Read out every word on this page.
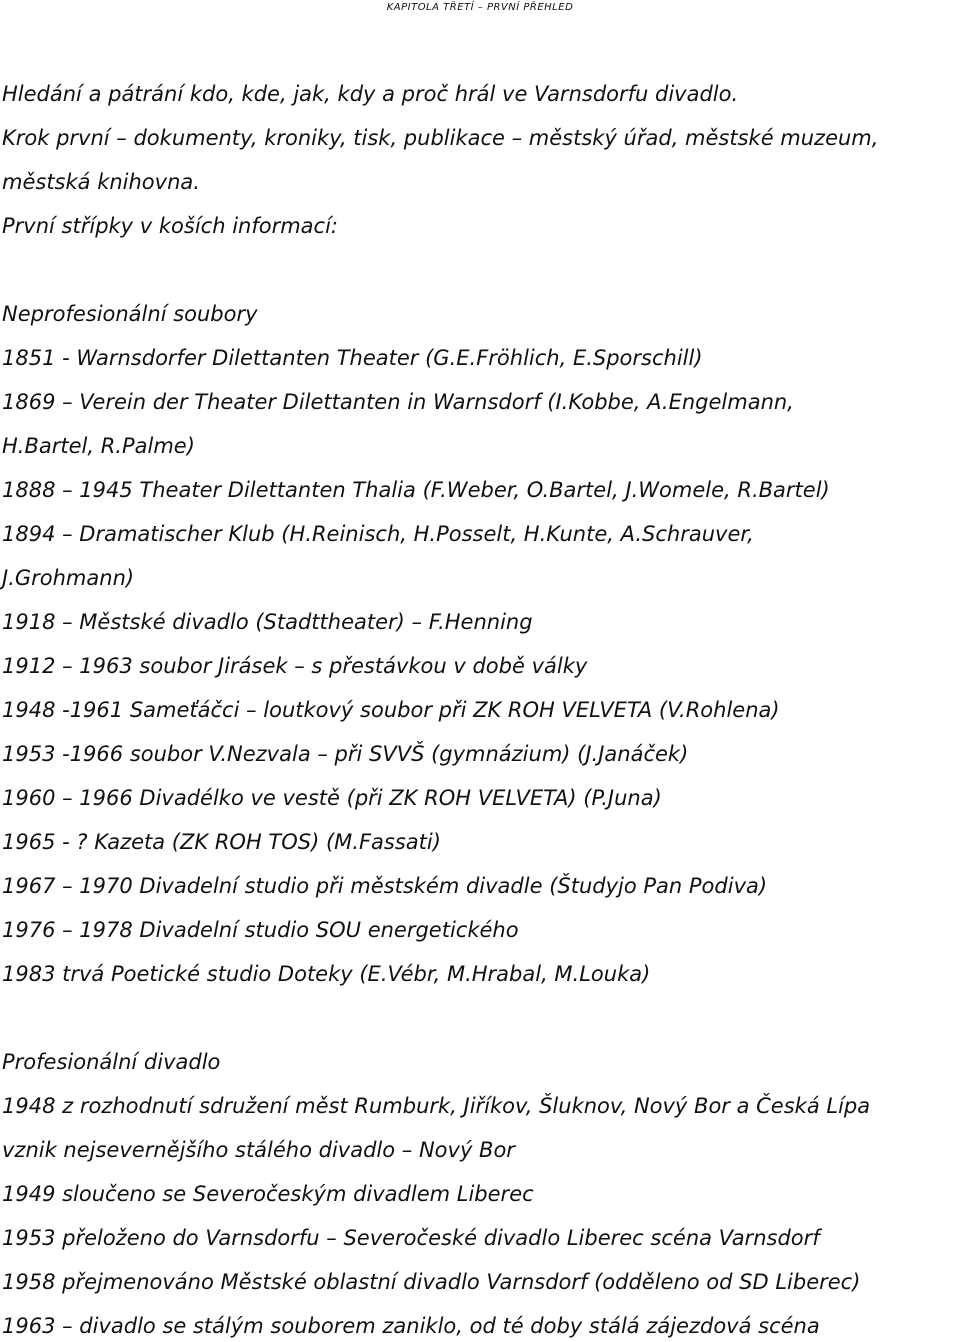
KAPITOLA TŘETÍ – PRVNÍ PŘEHLED

Hledání a pátrání kdo, kde, jak, kdy a proč hrál ve Varnsdorfu divadlo.

Krok první – dokumenty, kroniky, tisk, publikace – městský úřad, městské muzeum,

městská knihovna.

První střípky v koších informací:

Neprofesionální soubory

1851 - Warnsdorfer Dilettanten Theater (G.E.Fröhlich, E.Sporschill)

1869 – Verein der Theater Dilettanten in Warnsdorf (I.Kobbe, A.Engelmann,

H.Bartel, R.Palme)

1888 – 1945 Theater Dilettanten Thalia (F.Weber, O.Bartel, J.Womele, R.Bartel)

1894 – Dramatischer Klub (H.Reinisch, H.Posselt, H.Kunte, A.Schrauver,

J.Grohmann)

1918 – Městské divadlo (Stadttheater) – F.Henning

1912 – 1963 soubor Jirásek – s přestávkou v době války

1948 -1961 Sameťáčci – loutkový soubor při ZK ROH VELVETA (V.Rohlena)

1953 -1966 soubor V.Nezvala – při SVVŠ (gymnázium) (J.Janáček)

1960 – 1966 Divadélko ve vestě (při ZK ROH VELVETA) (P.Juna)

1965 - ? Kazeta (ZK ROH TOS) (M.Fassati)

1967 – 1970 Divadelní studio při městském divadle (Študyjo Pan Podiva)

1976 – 1978 Divadelní studio SOU energetického

1983 trvá Poetické studio Doteky (E.Vébr, M.Hrabal, M.Louka)

Profesionální divadlo

1948 z rozhodnutí sdružení měst Rumburk, Jiříkov, Šluknov, Nový Bor a Česká Lípa

vznik nejsevernějšího stálého divadlo – Nový Bor

1949 sloučeno se Severočeským divadlem Liberec

1953 přeloženo do Varnsdorfu – Severočeské divadlo Liberec scéna Varnsdorf

1958 přejmenováno Městské oblastní divadlo Varnsdorf (odděleno od SD Liberec)

1963 – divadlo se stálým souborem zaniklo, od té doby stálá zájezdová scéna
